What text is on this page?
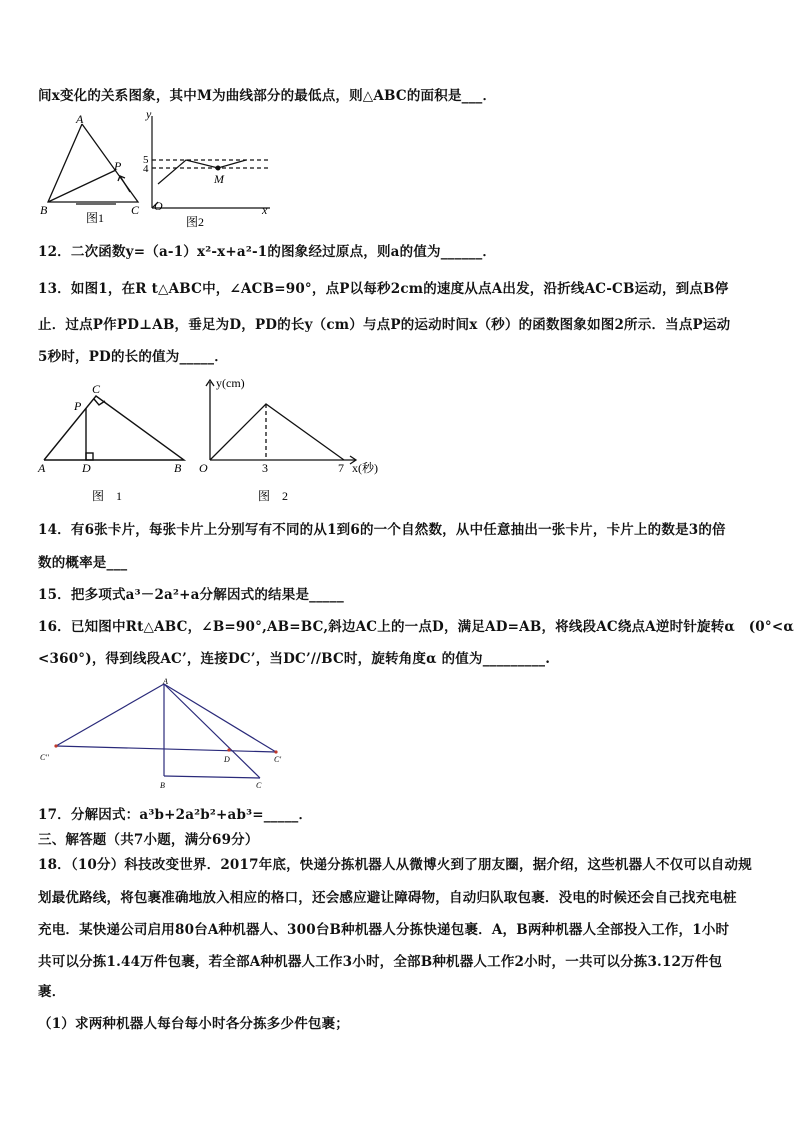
间x变化的关系图象，其中M为曲线部分的最低点，则△ABC的面积是___．
12．二次函数y=（a-1）x²-x+a²-1的图象经过原点，则a的值为______．
13．如图1，在R t△ABC中，∠ACB=90°，点P以每秒2cm的速度从点A出发，沿折线AC-CB运动，到点B停
止．过点P作PD⊥AB，垂足为D，PD的长y（cm）与点P的运动时间x（秒）的函数图象如图2所示．当点P运动
5秒时，PD的长的值为_____．
14．有6张卡片，每张卡片上分别写有不同的从1到6的一个自然数，从中任意抽出一张卡片，卡片上的数是3的倍
数的概率是___
15．把多项式a³－2a²+a分解因式的结果是_____
16．已知图中Rt△ABC，∠B=90°,AB=BC,斜边AC上的一点D，满足AD=AB，将线段AC绕点A逆时针旋转α　(0°<α
<360°)，得到线段AC’，连接DC’，当DC’//BC时，旋转角度α 的值为_________.
17．分解因式：a³b+2a²b²+ab³=_____．
三、解答题（共7小题，满分69分）
18．（10分）科技改变世界．2017年底，快递分拣机器人从微博火到了朋友圈，据介绍，这些机器人不仅可以自动规
划最优路线，将包裹准确地放入相应的格口，还会感应避让障碍物，自动归队取包裹．没电的时候还会自己找充电桩
充电．某快递公司启用80台A种机器人、300台B种机器人分拣快递包裹．A，B两种机器人全部投入工作，1小时
共可以分拣1.44万件包裹，若全部A种机器人工作3小时，全部B种机器人工作2小时，一共可以分拣3.12万件包
裹．
（1）求两种机器人每台每小时各分拣多少件包裹；
A
B	C
P
图1
y
x
O
5
4
M
图2
A	B
C
P
D
图　1
y(cm)
O	3	7 x(秒)
图　2
A
B	C
D	C'
C''
